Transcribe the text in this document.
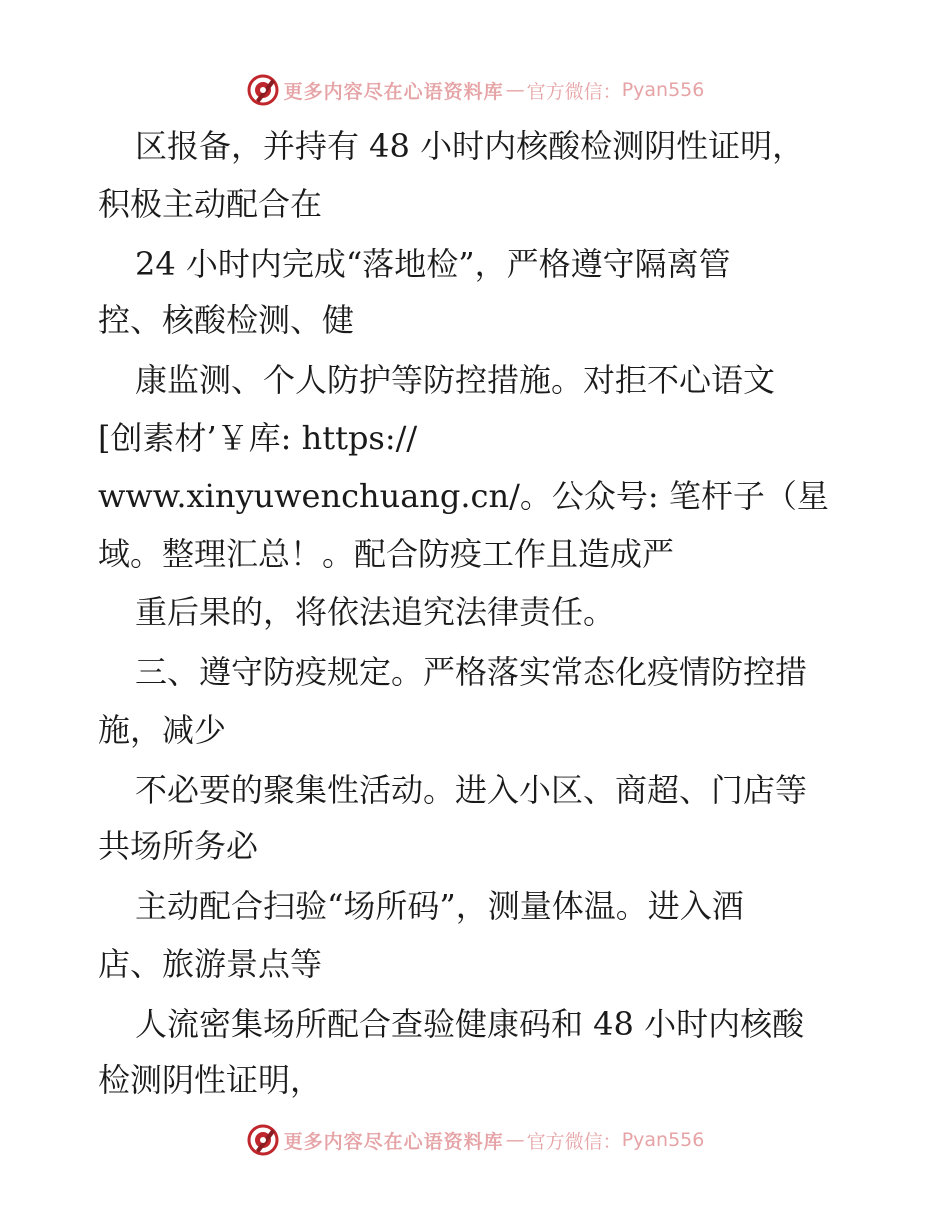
更多内容尽在心语资料库 — 官方微信： Pyan556
区报备，并持有 48 小时内核酸检测阴性证明，
积极主动配合在
24 小时内完成“落地检”，严格遵守隔离管
控、核酸检测、健
康监测、个人防护等防控措施。对拒不心语文
[创素材’￥库: https://
www.xinyuwenchuang.cn/。公众号: 笔杆子（星
域。整理汇总！。配合防疫工作且造成严
重后果的，将依法追究法律责任。
三、遵守防疫规定。严格落实常态化疫情防控措
施，减少
不必要的聚集性活动。进入小区、商超、门店等
共场所务必
主动配合扫验“场所码”，测量体温。进入酒
店、旅游景点等
人流密集场所配合查验健康码和 48 小时内核酸
检测阴性证明，
更多内容尽在心语资料库 — 官方微信： Pyan556
